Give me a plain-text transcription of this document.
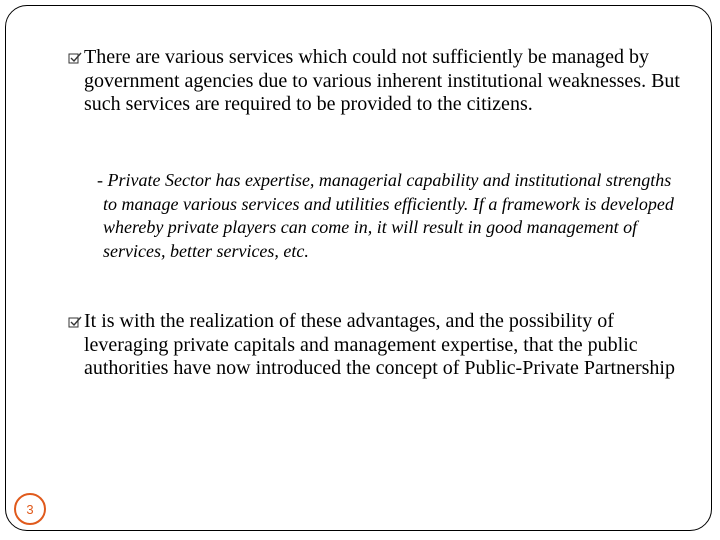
There are various services which could not sufficiently be managed by government agencies due to various inherent institutional weaknesses. But such services are required to be provided to the citizens.
- Private Sector has expertise, managerial capability and institutional strengths to manage various services and utilities efficiently. If a framework is developed whereby private players can come in, it will result in good management of services, better services, etc.
It is with the realization of these advantages, and the possibility of leveraging private capitals and management expertise, that the public authorities have now introduced the concept of Public-Private Partnership
3
